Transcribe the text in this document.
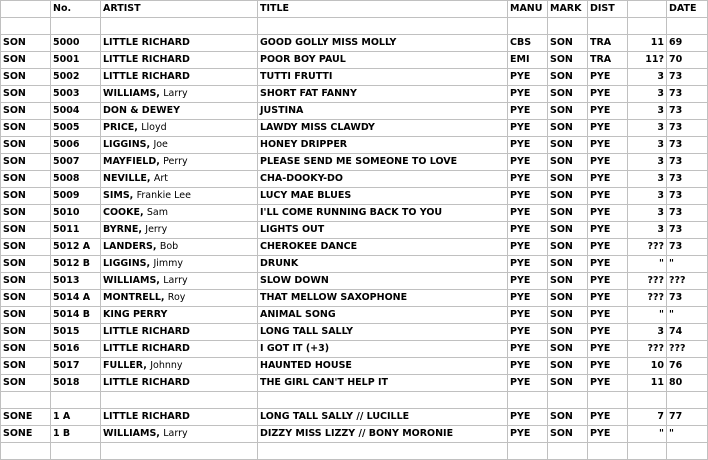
	No.	ARTIST	TITLE	MANU	MARK	DIST		DATE

SON	5000	LITTLE RICHARD	GOOD GOLLY MISS MOLLY	CBS	SON	TRA	11	69
SON	5001	LITTLE RICHARD	POOR BOY PAUL	EMI	SON	TRA	11?	70
SON	5002	LITTLE RICHARD	TUTTI FRUTTI	PYE	SON	PYE	3	73
SON	5003	WILLIAMS, Larry	SHORT FAT FANNY	PYE	SON	PYE	3	73
SON	5004	DON & DEWEY	JUSTINA	PYE	SON	PYE	3	73
SON	5005	PRICE, Lloyd	LAWDY MISS CLAWDY	PYE	SON	PYE	3	73
SON	5006	LIGGINS, Joe	HONEY DRIPPER	PYE	SON	PYE	3	73
SON	5007	MAYFIELD, Perry	PLEASE SEND ME SOMEONE TO LOVE	PYE	SON	PYE	3	73
SON	5008	NEVILLE, Art	CHA-DOOKY-DO	PYE	SON	PYE	3	73
SON	5009	SIMS, Frankie Lee	LUCY MAE BLUES	PYE	SON	PYE	3	73
SON	5010	COOKE, Sam	I'LL COME RUNNING BACK TO YOU	PYE	SON	PYE	3	73
SON	5011	BYRNE, Jerry	LIGHTS OUT	PYE	SON	PYE	3	73
SON	5012 A	LANDERS, Bob	CHEROKEE DANCE	PYE	SON	PYE	???	73
SON	5012 B	LIGGINS, Jimmy	DRUNK	PYE	SON	PYE	"	"
SON	5013	WILLIAMS, Larry	SLOW DOWN	PYE	SON	PYE	???	???
SON	5014 A	MONTRELL, Roy	THAT MELLOW SAXOPHONE	PYE	SON	PYE	???	73
SON	5014 B	KING PERRY	ANIMAL SONG	PYE	SON	PYE	"	"
SON	5015	LITTLE RICHARD	LONG TALL SALLY	PYE	SON	PYE	3	74
SON	5016	LITTLE RICHARD	I GOT IT (+3)	PYE	SON	PYE	???	???
SON	5017	FULLER, Johnny	HAUNTED HOUSE	PYE	SON	PYE	10	76
SON	5018	LITTLE RICHARD	THE GIRL CAN'T HELP IT	PYE	SON	PYE	11	80

SONE	1 A	LITTLE RICHARD	LONG TALL SALLY // LUCILLE	PYE	SON	PYE	7	77
SONE	1 B	WILLIAMS, Larry	DIZZY MISS LIZZY // BONY MORONIE	PYE	SON	PYE	"	"
